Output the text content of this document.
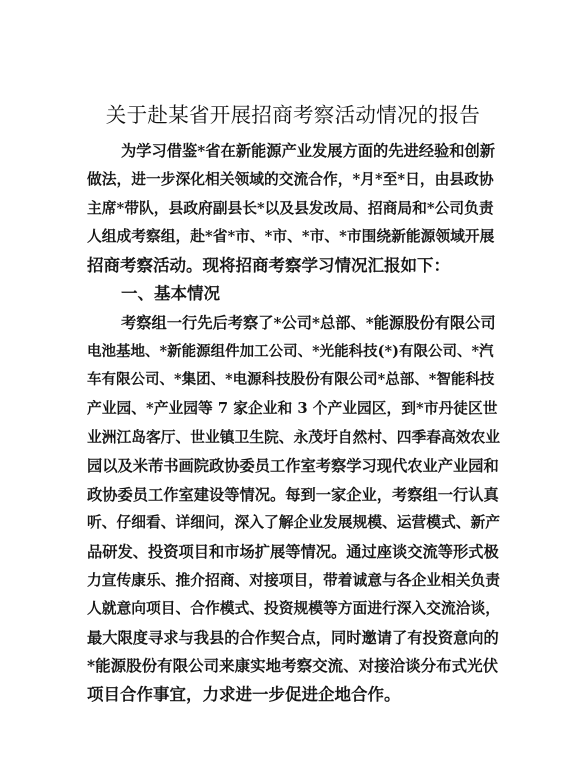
关于赴某省开展招商考察活动情况的报告
为学习借鉴*省在新能源产业发展方面的先进经验和创新
做法，进一步深化相关领域的交流合作，*月*至*日，由县政协
主席*带队，县政府副县长*以及县发改局、招商局和*公司负责
人组成考察组，赴*省*市、*市、*市、*市围绕新能源领域开展
招商考察活动。现将招商考察学习情况汇报如下：
一、基本情况
考察组一行先后考察了*公司*总部、*能源股份有限公司
电池基地、*新能源组件加工公司、*光能科技(*)有限公司、*汽
车有限公司、*集团、*电源科技股份有限公司*总部、*智能科技
产业园、*产业园等 7 家企业和 3 个产业园区，到*市丹徒区世
业洲江岛客厅、世业镇卫生院、永茂圩自然村、四季春高效农业
园以及米芾书画院政协委员工作室考察学习现代农业产业园和
政协委员工作室建设等情况。每到一家企业，考察组一行认真
听、仔细看、详细问，深入了解企业发展规模、运营模式、新产
品研发、投资项目和市场扩展等情况。通过座谈交流等形式极
力宣传康乐、推介招商、对接项目，带着诚意与各企业相关负责
人就意向项目、合作模式、投资规模等方面进行深入交流洽谈，
最大限度寻求与我县的合作契合点，同时邀请了有投资意向的
*能源股份有限公司来康实地考察交流、对接洽谈分布式光伏
项目合作事宜，力求进一步促进企地合作。
